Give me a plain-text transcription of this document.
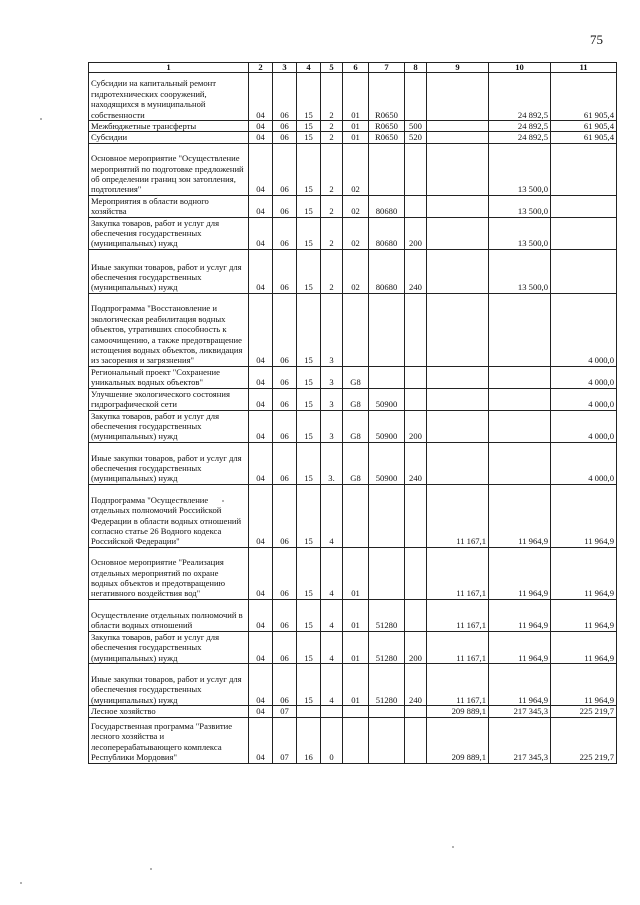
75
1	2	3	4	5	6	7	8	9	10	11
Субсидии на капитальный ремонт гидротехнических сооружений, находящихся в муниципальной собственности	04	06	15	2	01	R0650			24 892,5	61 905,4
Межбюджетные трансферты	04	06	15	2	01	R0650	500		24 892,5	61 905,4
Субсидии	04	06	15	2	01	R0650	520		24 892,5	61 905,4
Основное мероприятие "Осуществление мероприятий по подготовке предложений об определении границ зон затопления, подтопления"	04	06	15	2	02				13 500,0	
Мероприятия в области водного хозяйства	04	06	15	2	02	80680			13 500,0	
Закупка товаров, работ и услуг для обеспечения государственных (муниципальных) нужд	04	06	15	2	02	80680	200		13 500,0	
Иные закупки товаров, работ и услуг для обеспечения государственных (муниципальных) нужд	04	06	15	2	02	80680	240		13 500,0	
Подпрограмма "Восстановление и экологическая реабилитация водных объектов, утративших способность к самоочищению, а также предотвращение истощения водных объектов, ликвидация из засорения и загрязнения"	04	06	15	3						4 000,0
Региональный проект "Сохранение уникальных водных объектов"	04	06	15	3	G8					4 000,0
Улучшение экологического состояния гидрографической сети	04	06	15	3	G8	50900				4 000,0
Закупка товаров, работ и услуг для обеспечения государственных (муниципальных) нужд	04	06	15	3	G8	50900	200			4 000,0
Иные закупки товаров, работ и услуг для обеспечения государственных (муниципальных) нужд	04	06	15	3.	G8	50900	240			4 000,0
Подпрограмма "Осуществление отдельных полномочий Российской Федерации в области водных отношений согласно статье 26 Водного кодекса Российской Федерации"	04	06	15	4				11 167,1	11 964,9	11 964,9
Основное мероприятие "Реализация отдельных мероприятий по охране водных объектов и предотвращению негативного воздействия вод"	04	06	15	4	01			11 167,1	11 964,9	11 964,9
Осуществление отдельных полномочий в области водных отношений	04	06	15	4	01	51280		11 167,1	11 964,9	11 964,9
Закупка товаров, работ и услуг для обеспечения государственных (муниципальных) нужд	04	06	15	4	01	51280	200	11 167,1	11 964,9	11 964,9
Иные закупки товаров, работ и услуг для обеспечения государственных (муниципальных) нужд	04	06	15	4	01	51280	240	11 167,1	11 964,9	11 964,9
Лесное хозяйство	04	07						209 889,1	217 345,3	225 219,7
Государственная программа "Развитие лесного хозяйства и лесоперерабатывающего комплекса Республики Мордовия"	04	07	16	0				209 889,1	217 345,3	225 219,7
